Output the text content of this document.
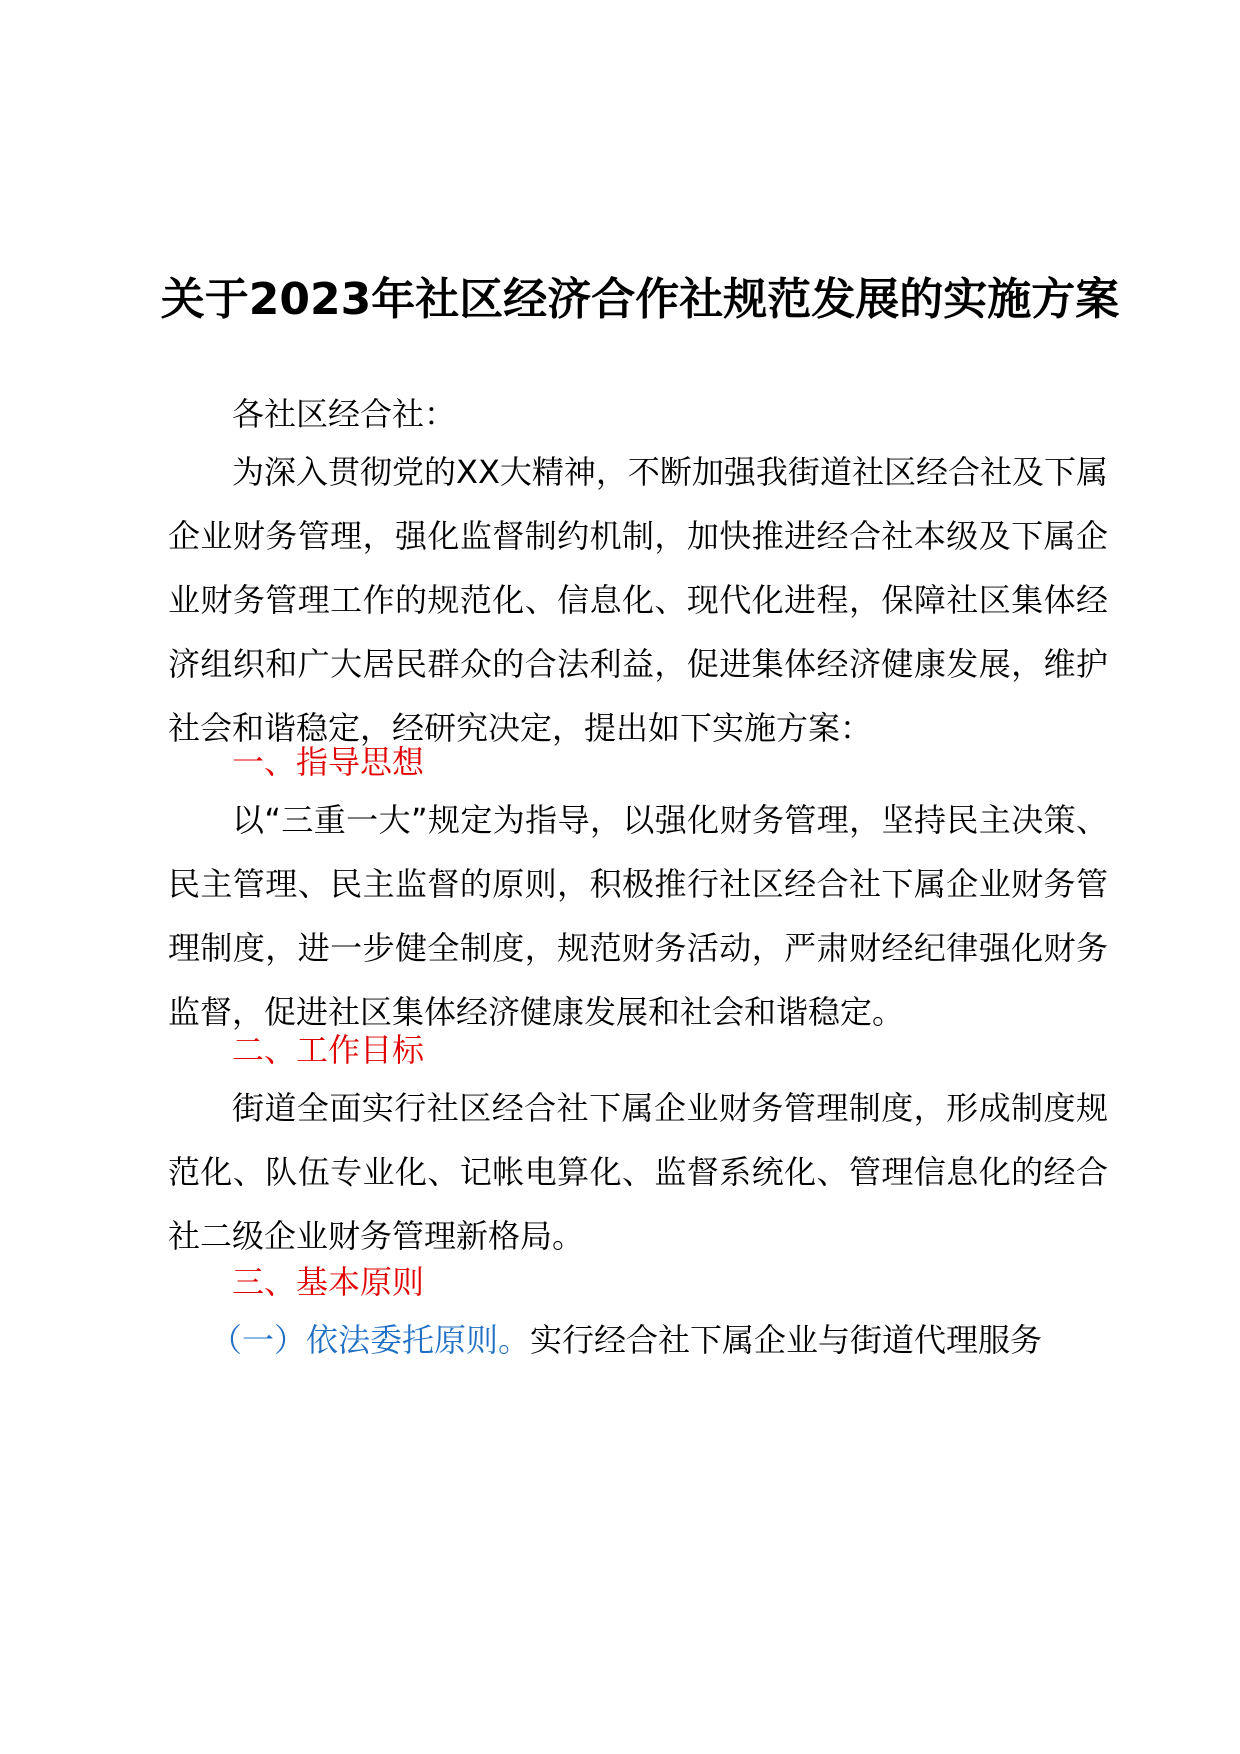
关于2023年社区经济合作社规范发展的实施方案

各社区经合社：

为深入贯彻党的XX大精神，不断加强我街道社区经合社及下属企业财务管理，强化监督制约机制，加快推进经合社本级及下属企业财务管理工作的规范化、信息化、现代化进程，保障社区集体经济组织和广大居民群众的合法利益，促进集体经济健康发展，维护社会和谐稳定，经研究决定，提出如下实施方案：

一、指导思想

以“三重一大”规定为指导，以强化财务管理，坚持民主决策、民主管理、民主监督的原则，积极推行社区经合社下属企业财务管理制度，进一步健全制度，规范财务活动，严肃财经纪律强化财务监督，促进社区集体经济健康发展和社会和谐稳定。

二、工作目标

街道全面实行社区经合社下属企业财务管理制度，形成制度规范化、队伍专业化、记帐电算化、监督系统化、管理信息化的经合社二级企业财务管理新格局。

三、基本原则

（一）依法委托原则。实行经合社下属企业与街道代理服务
